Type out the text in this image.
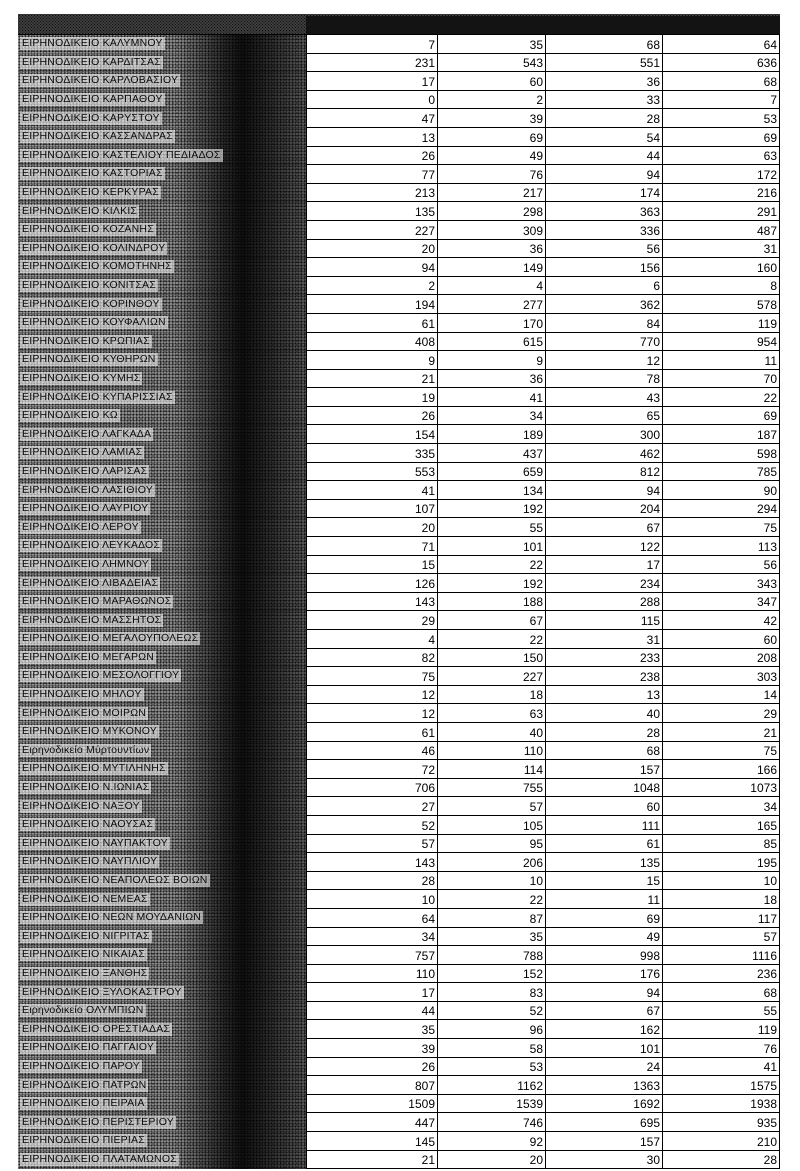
ΕΙΡΗΝΟΔΙΚΕΙΟ ΚΑΛΥΜΝΟΥ	7	35	68	64
ΕΙΡΗΝΟΔΙΚΕΙΟ ΚΑΡΔΙΤΣΑΣ	231	543	551	636
ΕΙΡΗΝΟΔΙΚΕΙΟ ΚΑΡΛΟΒΑΣΙΟΥ	17	60	36	68
ΕΙΡΗΝΟΔΙΚΕΙΟ ΚΑΡΠΑΘΟΥ	0	2	33	7
ΕΙΡΗΝΟΔΙΚΕΙΟ ΚΑΡΥΣΤΟΥ	47	39	28	53
ΕΙΡΗΝΟΔΙΚΕΙΟ ΚΑΣΣΑΝΔΡΑΣ	13	69	54	69
ΕΙΡΗΝΟΔΙΚΕΙΟ ΚΑΣΤΕΛΙΟΥ ΠΕΔΙΑΔΟΣ	26	49	44	63
ΕΙΡΗΝΟΔΙΚΕΙΟ ΚΑΣΤΟΡΙΑΣ	77	76	94	172
ΕΙΡΗΝΟΔΙΚΕΙΟ ΚΕΡΚΥΡΑΣ	213	217	174	216
ΕΙΡΗΝΟΔΙΚΕΙΟ ΚΙΛΚΙΣ	135	298	363	291
ΕΙΡΗΝΟΔΙΚΕΙΟ ΚΟΖΑΝΗΣ	227	309	336	487
ΕΙΡΗΝΟΔΙΚΕΙΟ ΚΟΛΙΝΔΡΟΥ	20	36	56	31
ΕΙΡΗΝΟΔΙΚΕΙΟ ΚΟΜΟΤΗΝΗΣ	94	149	156	160
ΕΙΡΗΝΟΔΙΚΕΙΟ ΚΟΝΙΤΣΑΣ	2	4	6	8
ΕΙΡΗΝΟΔΙΚΕΙΟ ΚΟΡΙΝΘΟΥ	194	277	362	578
ΕΙΡΗΝΟΔΙΚΕΙΟ ΚΟΥΦΑΛΙΩΝ	61	170	84	119
ΕΙΡΗΝΟΔΙΚΕΙΟ ΚΡΩΠΙΑΣ	408	615	770	954
ΕΙΡΗΝΟΔΙΚΕΙΟ ΚΥΘΗΡΩΝ	9	9	12	11
ΕΙΡΗΝΟΔΙΚΕΙΟ ΚΥΜΗΣ	21	36	78	70
ΕΙΡΗΝΟΔΙΚΕΙΟ ΚΥΠΑΡΙΣΣΙΑΣ	19	41	43	22
ΕΙΡΗΝΟΔΙΚΕΙΟ ΚΩ	26	34	65	69
ΕΙΡΗΝΟΔΙΚΕΙΟ ΛΑΓΚΑΔΑ	154	189	300	187
ΕΙΡΗΝΟΔΙΚΕΙΟ ΛΑΜΙΑΣ	335	437	462	598
ΕΙΡΗΝΟΔΙΚΕΙΟ ΛΑΡΙΣΑΣ	553	659	812	785
ΕΙΡΗΝΟΔΙΚΕΙΟ ΛΑΣΙΘΙΟΥ	41	134	94	90
ΕΙΡΗΝΟΔΙΚΕΙΟ ΛΑΥΡΙΟΥ	107	192	204	294
ΕΙΡΗΝΟΔΙΚΕΙΟ ΛΕΡΟΥ	20	55	67	75
ΕΙΡΗΝΟΔΙΚΕΙΟ ΛΕΥΚΑΔΟΣ	71	101	122	113
ΕΙΡΗΝΟΔΙΚΕΙΟ ΛΗΜΝΟΥ	15	22	17	56
ΕΙΡΗΝΟΔΙΚΕΙΟ ΛΙΒΑΔΕΙΑΣ	126	192	234	343
ΕΙΡΗΝΟΔΙΚΕΙΟ ΜΑΡΑΘΩΝΟΣ	143	188	288	347
ΕΙΡΗΝΟΔΙΚΕΙΟ ΜΑΣΣΗΤΟΣ	29	67	115	42
ΕΙΡΗΝΟΔΙΚΕΙΟ ΜΕΓΑΛΟΥΠΟΛΕΩΣ	4	22	31	60
ΕΙΡΗΝΟΔΙΚΕΙΟ ΜΕΓΑΡΩΝ	82	150	233	208
ΕΙΡΗΝΟΔΙΚΕΙΟ ΜΕΣΟΛΟΓΓΙΟΥ	75	227	238	303
ΕΙΡΗΝΟΔΙΚΕΙΟ ΜΗΛΟΥ	12	18	13	14
ΕΙΡΗΝΟΔΙΚΕΙΟ ΜΟΙΡΩΝ	12	63	40	29
ΕΙΡΗΝΟΔΙΚΕΙΟ ΜΥΚΟΝΟΥ	61	40	28	21
Ειρηνοδικείο Μύρτουντίων	46	110	68	75
ΕΙΡΗΝΟΔΙΚΕΙΟ ΜΥΤΙΛΗΝΗΣ	72	114	157	166
ΕΙΡΗΝΟΔΙΚΕΙΟ Ν.ΙΩΝΙΑΣ	706	755	1048	1073
ΕΙΡΗΝΟΔΙΚΕΙΟ ΝΑΞΟΥ	27	57	60	34
ΕΙΡΗΝΟΔΙΚΕΙΟ ΝΑΟΥΣΑΣ	52	105	111	165
ΕΙΡΗΝΟΔΙΚΕΙΟ ΝΑΥΠΑΚΤΟΥ	57	95	61	85
ΕΙΡΗΝΟΔΙΚΕΙΟ ΝΑΥΠΛΙΟΥ	143	206	135	195
ΕΙΡΗΝΟΔΙΚΕΙΟ ΝΕΑΠΟΛΕΩΣ ΒΟΙΩΝ	28	10	15	10
ΕΙΡΗΝΟΔΙΚΕΙΟ ΝΕΜΕΑΣ	10	22	11	18
ΕΙΡΗΝΟΔΙΚΕΙΟ ΝΕΩΝ ΜΟΥΔΑΝΙΩΝ	64	87	69	117
ΕΙΡΗΝΟΔΙΚΕΙΟ ΝΙΓΡΙΤΑΣ	34	35	49	57
ΕΙΡΗΝΟΔΙΚΕΙΟ ΝΙΚΑΙΑΣ	757	788	998	1116
ΕΙΡΗΝΟΔΙΚΕΙΟ ΞΑΝΘΗΣ	110	152	176	236
ΕΙΡΗΝΟΔΙΚΕΙΟ ΞΥΛΟΚΑΣΤΡΟΥ	17	83	94	68
Ειρηνοδικείο ΟΛΥΜΠΙΩΝ	44	52	67	55
ΕΙΡΗΝΟΔΙΚΕΙΟ ΟΡΕΣΤΙΑΔΑΣ	35	96	162	119
ΕΙΡΗΝΟΔΙΚΕΙΟ ΠΑΓΓΑΙΟΥ	39	58	101	76
ΕΙΡΗΝΟΔΙΚΕΙΟ ΠΑΡΟΥ	26	53	24	41
ΕΙΡΗΝΟΔΙΚΕΙΟ ΠΑΤΡΩΝ	807	1162	1363	1575
ΕΙΡΗΝΟΔΙΚΕΙΟ ΠΕΙΡΑΙΑ	1509	1539	1692	1938
ΕΙΡΗΝΟΔΙΚΕΙΟ ΠΕΡΙΣΤΕΡΙΟΥ	447	746	695	935
ΕΙΡΗΝΟΔΙΚΕΙΟ ΠΙΕΡΙΑΣ	145	92	157	210
ΕΙΡΗΝΟΔΙΚΕΙΟ ΠΛΑΤΑΜΩΝΟΣ	21	20	30	28
